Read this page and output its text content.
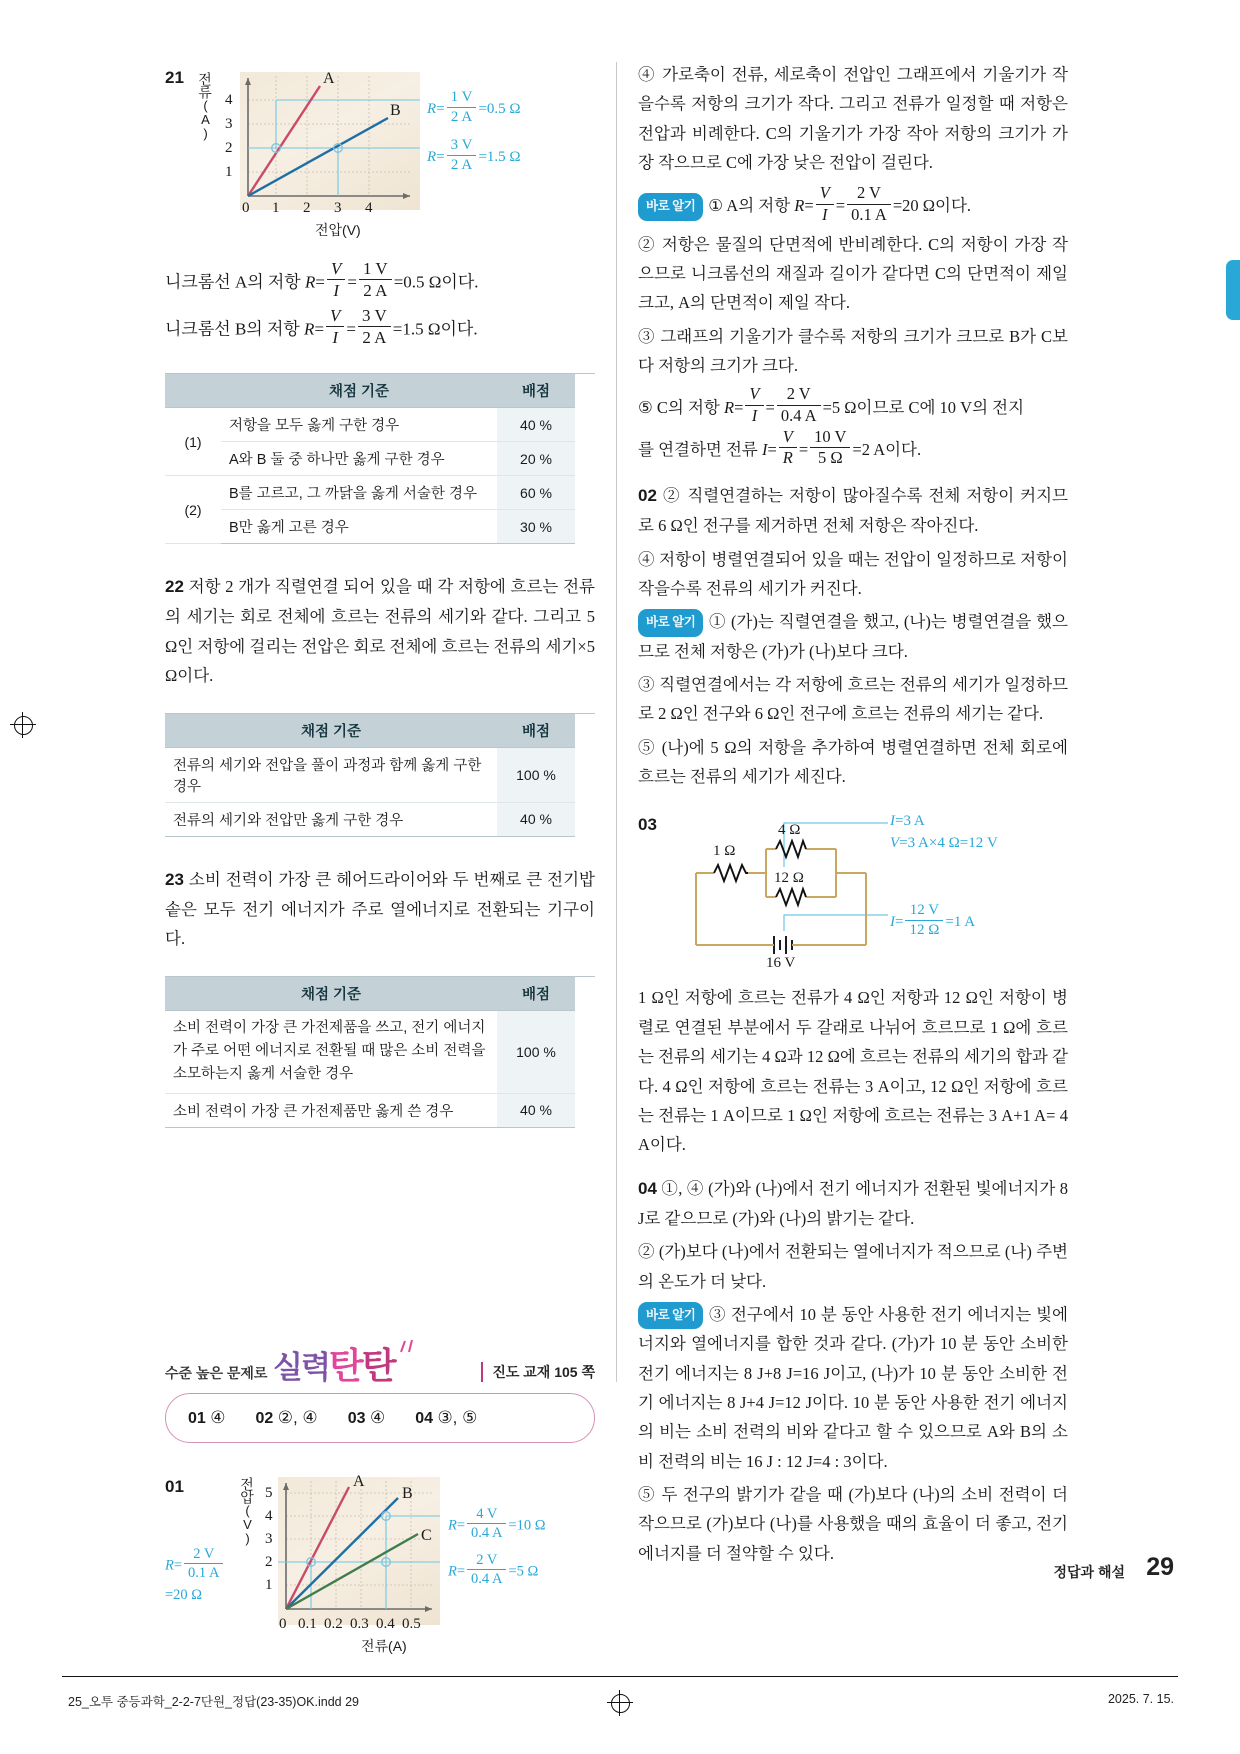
21 전류(A)
A
B
4
3
2
1
0 1 2 3 4
전압(V)
$R= \frac{1 V}{2 A} =0.5$ Ω
$R= \frac{3 V}{2 A} =1.5$ Ω
니크롬선 A의 저항 $R= \frac{V}{I} = \frac{1 V}{2 A} =0.5$ Ω이다.
니크롬선 B의 저항 $R= \frac{V}{I} = \frac{3 V}{2 A} =1.5$ Ω이다.
	채점 기준	배점
(1)	저항을 모두 옳게 구한 경우	40 %
	A와 B 둘 중 하나만 옳게 구한 경우	20 %
(2)	B를 고르고, 그 까닭을 옳게 서술한 경우	60 %
	B만 옳게 고른 경우	30 %

22 저항 2 개가 직렬연결 되어 있을 때 각 저항에 흐르는 전류의 세기는 회로 전체에 흐르는 전류의 세기와 같다. 그리고 5 Ω인 저항에 걸리는 전압은 회로 전체에 흐르는 전류의 세기×5 Ω이다.

채점 기준	배점
전류의 세기와 전압을 풀이 과정과 함께 옳게 구한 경우	100 %
전류의 세기와 전압만 옳게 구한 경우	40 %

23 소비 전력이 가장 큰 헤어드라이어와 두 번째로 큰 전기밥솥은 모두 전기 에너지가 주로 열에너지로 전환되는 기구이다.

채점 기준	배점
소비 전력이 가장 큰 가전제품을 쓰고, 전기 에너지가 주로 어떤 에너지로 전환될 때 많은 소비 전력을 소모하는지 옳게 서술한 경우	100 %
소비 전력이 가장 큰 가전제품만 옳게 쓴 경우	40 %
수준 높은 문제로 실력탄탄	진도 교재 105 쪽
01 ④ 02 ②, ④ 03 ④ 04 ③, ⑤
01	전압(V)
A
B
C
5
4
3
2
1
0 0.1 0.2 0.3 0.4 0.5
전류(A)
$R= \frac{2 V}{0.1 A}$

=20 Ω
$R= \frac{4 V}{0.4 A} =10$ Ω
$R= \frac{2 V}{0.4 A} =5$ Ω

④ 가로축이 전류, 세로축이 전압인 그래프에서 기울기가 작을수록 저항의 크기가 작다. 그리고 전류가 일정할 때 저항은 전압과 비례한다. C의 기울기가 가장 작아 저항의 크기가 가장 작으므로 C에 가장 낮은 전압이 걸린다.

바로 알기 ① A의 저항 $R= \frac{V}{I} = \frac{2 V}{0.1 A} =20$ Ω이다.

② 저항은 물질의 단면적에 반비례한다. C의 저항이 가장 작으므로 니크롬선의 재질과 길이가 같다면 C의 단면적이 제일 크고, A의 단면적이 제일 작다.

③ 그래프의 기울기가 클수록 저항의 크기가 크므로 B가 C보다 저항의 크기가 크다.

⑤ C의 저항 $R= \frac{V}{I} = \frac{2 V}{0.4 A} =5$ Ω이므로 C에 10 V의 전지

를 연결하면 전류 $I= \frac{V}{R} = \frac{10 V}{5 \Omega} =2$ A이다.

02 ② 직렬연결하는 저항이 많아질수록 전체 저항이 커지므로 6 Ω인 전구를 제거하면 전체 저항은 작아진다.

④ 저항이 병렬연결되어 있을 때는 전압이 일정하므로 저항이 작을수록 전류의 세기가 커진다.

바로 알기 ① (가)는 직렬연결을 했고, (나)는 병렬연결을 했으므로 전체 저항은 (가)가 (나)보다 크다.

③ 직렬연결에서는 각 저항에 흐르는 전류의 세기가 일정하므로 2 Ω인 전구와 6 Ω인 전구에 흐르는 전류의 세기는 같다.

⑤ (나)에 5 Ω의 저항을 추가하여 병렬연결하면 전체 회로에 흐르는 전류의 세기가 세진다.

03
1 Ω
4 Ω
12 Ω
16 V
I=3 A
V=3 A×4 Ω=12 V
$I= \frac{12 V}{12 \Omega} =1$ A

1 Ω인 저항에 흐르는 전류가 4 Ω인 저항과 12 Ω인 저항이 병렬로 연결된 부분에서 두 갈래로 나뉘어 흐르므로 1 Ω에 흐르는 전류의 세기는 4 Ω과 12 Ω에 흐르는 전류의 세기의 합과 같다. 4 Ω인 저항에 흐르는 전류는 3 A이고, 12 Ω인 저항에 흐르는 전류는 1 A이므로 1 Ω인 저항에 흐르는 전류는 3 A+1 A= 4 A이다.

04 ①, ④ (가)와 (나)에서 전기 에너지가 전환된 빛에너지가 8 J로 같으므로 (가)와 (나)의 밝기는 같다.

② (가)보다 (나)에서 전환되는 열에너지가 적으므로 (나) 주변의 온도가 더 낮다.

바로 알기 ③ 전구에서 10 분 동안 사용한 전기 에너지는 빛에너지와 열에너지를 합한 것과 같다. (가)가 10 분 동안 소비한 전기 에너지는 8 J+8 J=16 J이고, (나)가 10 분 동안 소비한 전기 에너지는 8 J+4 J=12 J이다. 10 분 동안 사용한 전기 에너지의 비는 소비 전력의 비와 같다고 할 수 있으므로 A와 B의 소비 전력의 비는 16 J : 12 J=4 : 3이다.

⑤ 두 전구의 밝기가 같을 때 (가)보다 (나)의 소비 전력이 더 작으므로 (가)보다 (나)를 사용했을 때의 효율이 더 좋고, 전기 에너지를 더 절약할 수 있다.

정답과 해설 29
25_오투 중등과학_2-2-7단원_정답(23-35)OK.indd 29	2025. 7. 15.
